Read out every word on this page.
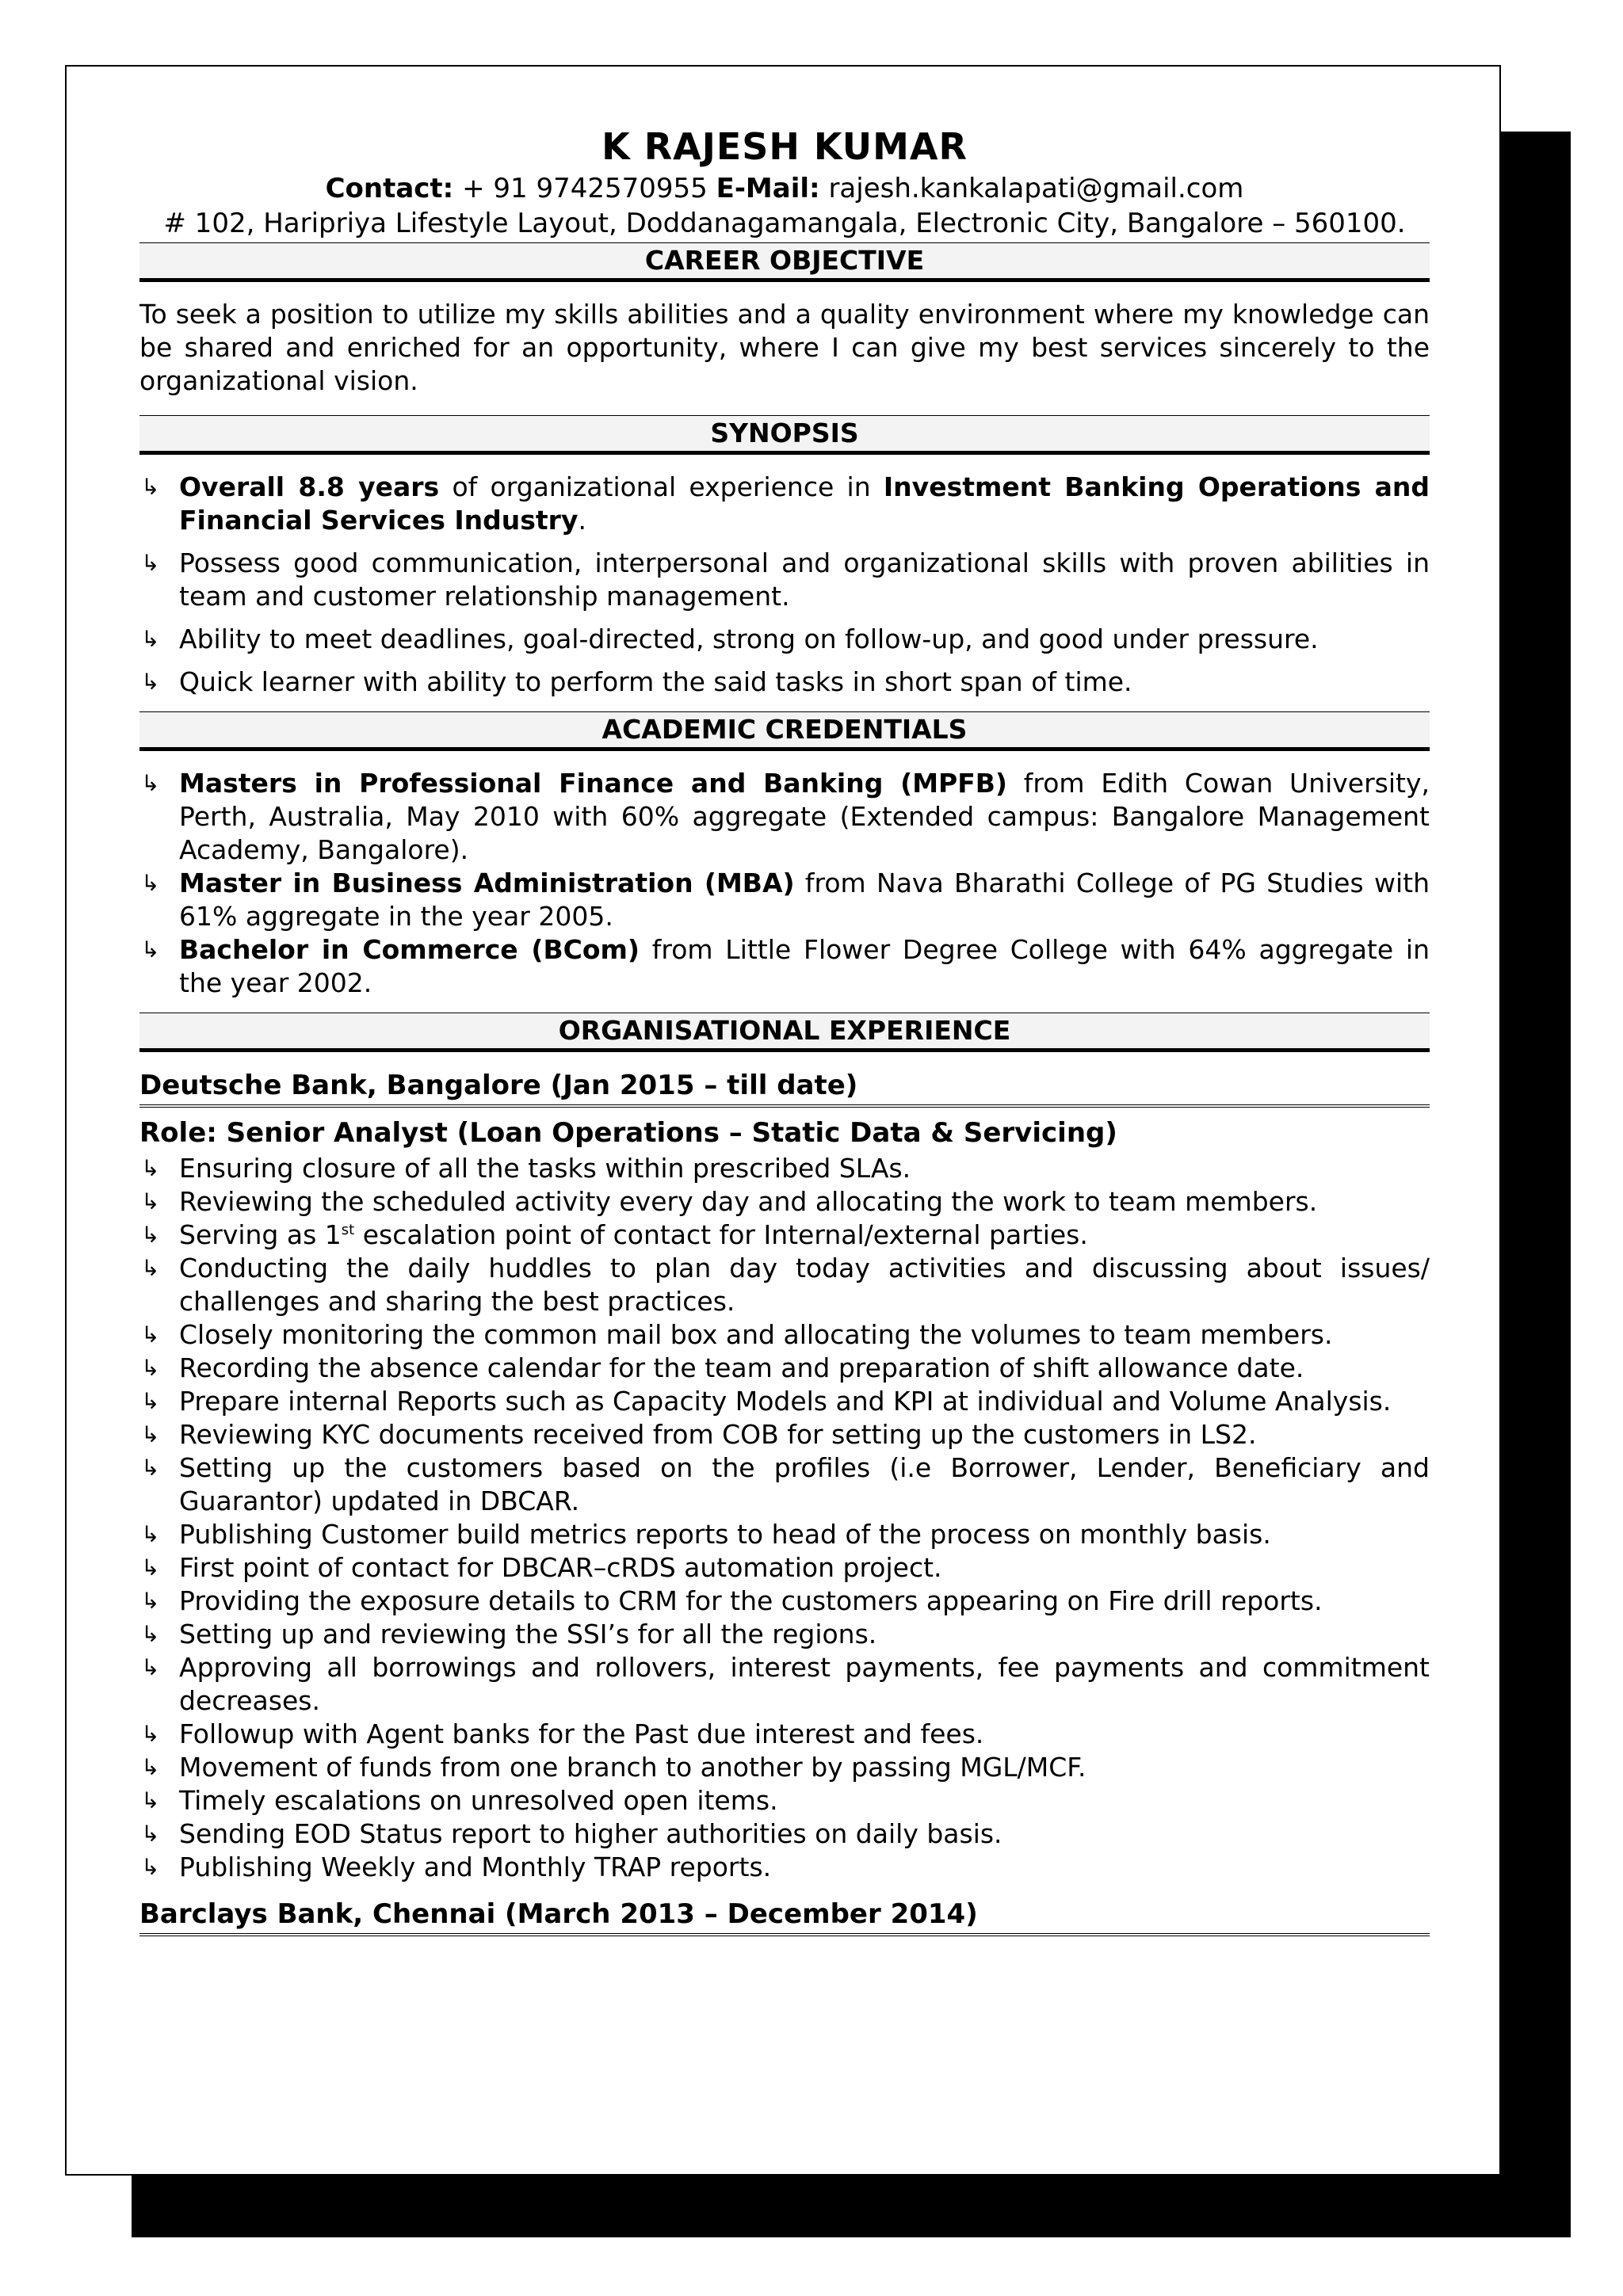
K RAJESH KUMAR
Contact: + 91 9742570955 E-Mail: rajesh.kankalapati@gmail.com
# 102, Haripriya Lifestyle Layout, Doddanagamangala, Electronic City, Bangalore – 560100.
CAREER OBJECTIVE

To seek a position to utilize my skills abilities and a quality environment where my knowledge can be shared and enriched for an opportunity, where I can give my best services sincerely to the organizational vision.

SYNOPSIS
↳ Overall 8.8 years of organizational experience in Investment Banking Operations and Financial Services Industry.
↳ Possess good communication, interpersonal and organizational skills with proven abilities in team and customer relationship management.
↳ Ability to meet deadlines, goal-directed, strong on follow-up, and good under pressure.
↳ Quick learner with ability to perform the said tasks in short span of time.
ACADEMIC CREDENTIALS
↳ Masters in Professional Finance and Banking (MPFB) from Edith Cowan University, Perth, Australia, May 2010 with 60% aggregate (Extended campus: Bangalore Management Academy, Bangalore).
↳ Master in Business Administration (MBA) from Nava Bharathi College of PG Studies with 61% aggregate in the year 2005.
↳ Bachelor in Commerce (BCom) from Little Flower Degree College with 64% aggregate in the year 2002.
ORGANISATIONAL EXPERIENCE
Deutsche Bank, Bangalore (Jan 2015 – till date)
Role: Senior Analyst (Loan Operations – Static Data & Servicing)
↳ Ensuring closure of all the tasks within prescribed SLAs.
↳ Reviewing the scheduled activity every day and allocating the work to team members.
↳ Serving as 1st escalation point of contact for Internal/external parties.
↳ Conducting the daily huddles to plan day today activities and discussing about issues/ challenges and sharing the best practices.
↳ Closely monitoring the common mail box and allocating the volumes to team members.
↳ Recording the absence calendar for the team and preparation of shift allowance date.
↳ Prepare internal Reports such as Capacity Models and KPI at individual and Volume Analysis.
↳ Reviewing KYC documents received from COB for setting up the customers in LS2.
↳ Setting up the customers based on the profiles (i.e Borrower, Lender, Beneficiary and Guarantor) updated in DBCAR.
↳ Publishing Customer build metrics reports to head of the process on monthly basis.
↳ First point of contact for DBCAR–cRDS automation project.
↳ Providing the exposure details to CRM for the customers appearing on Fire drill reports.
↳ Setting up and reviewing the SSI’s for all the regions.
↳ Approving all borrowings and rollovers, interest payments, fee payments and commitment decreases.
↳ Followup with Agent banks for the Past due interest and fees.
↳ Movement of funds from one branch to another by passing MGL/MCF.
↳ Timely escalations on unresolved open items.
↳ Sending EOD Status report to higher authorities on daily basis.
↳ Publishing Weekly and Monthly TRAP reports.
Barclays Bank, Chennai (March 2013 – December 2014)
